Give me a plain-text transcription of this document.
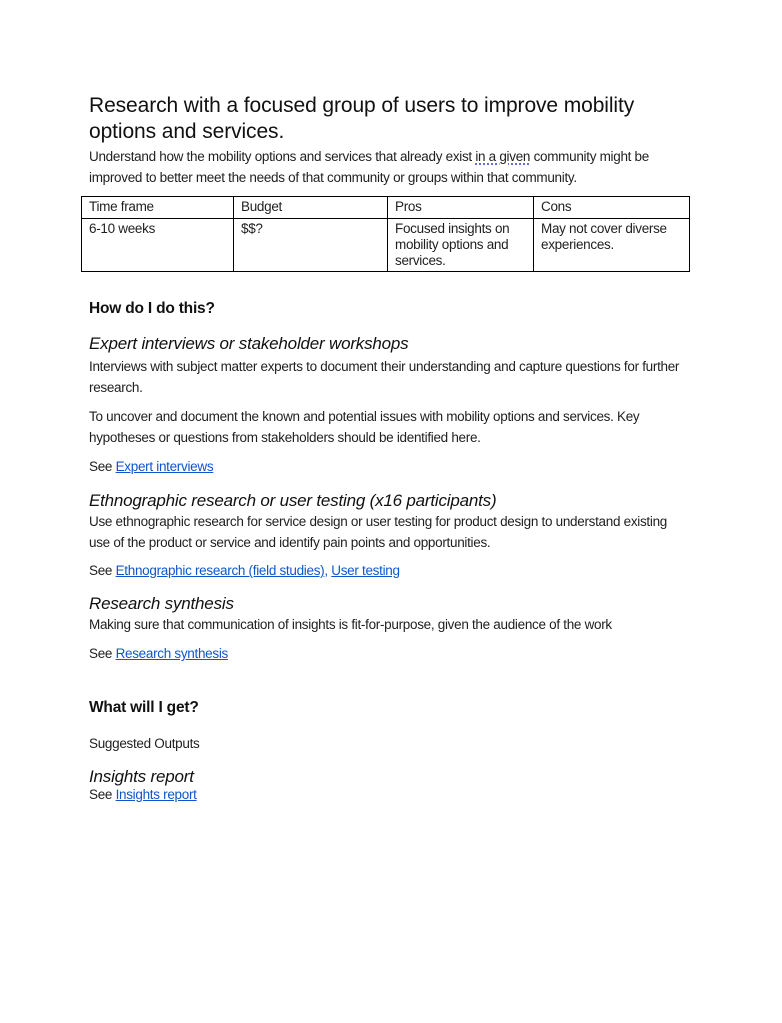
Research with a focused group of users to improve mobility options and services.

Understand how the mobility options and services that already exist in a given community might be improved to better meet the needs of that community or groups within that community.

Time frame	Budget	Pros	Cons
6-10 weeks	$$?	Focused insights on mobility options and services.	May not cover diverse experiences.
How do I do this?
Expert interviews or stakeholder workshops

Interviews with subject matter experts to document their understanding and capture questions for further research.

To uncover and document the known and potential issues with mobility options and services. Key hypotheses or questions from stakeholders should be identified here.

See Expert interviews

Ethnographic research or user testing (x16 participants)

Use ethnographic research for service design or user testing for product design to understand existing use of the product or service and identify pain points and opportunities.

See Ethnographic research (field studies), User testing

Research synthesis

Making sure that communication of insights is fit-for-purpose, given the audience of the work

See Research synthesis

What will I get?

Suggested Outputs

Insights report

See Insights report
